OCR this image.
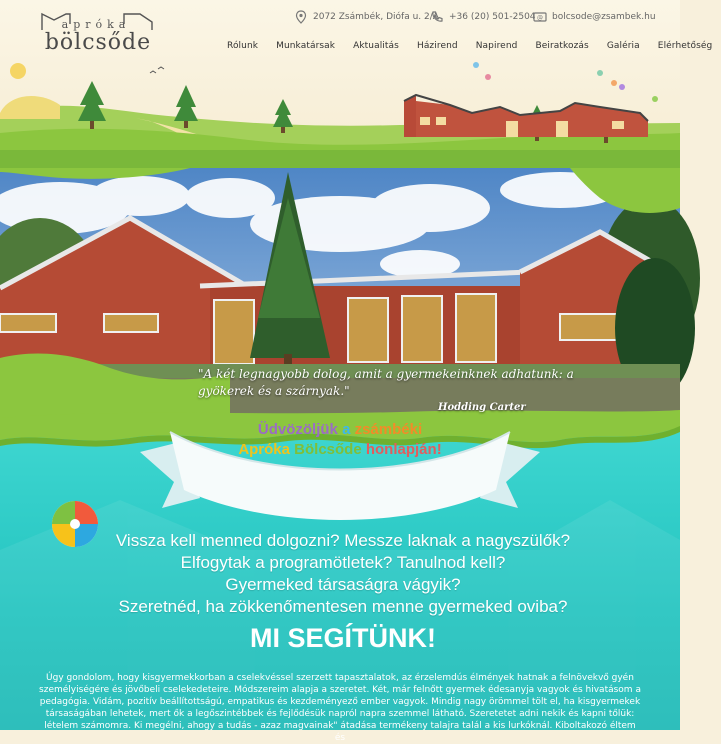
apróka
bölcsőde
2072 Zsámbék, Diófa u. 2/A +36 (20) 501-2504 @ bolcsode@zsambek.hu
Rólunk	Munkatársak	Aktualitás	Házirend	Napirend	Beiratkozás	Galéria	Elérhetőség
"A két legnagyobb dolog, amit a gyermekeinknek adhatunk: a gyökerek és a szárnyak."
Hodding Carter
Üdvözöljük a zsámbéki
Apróka Bölcsőde honlapján!
Vissza kell menned dolgozni? Messze laknak a nagyszülők?
Elfogytak a programötletek? Tanulnod kell?
Gyermeked társaságra vágyik?
Szeretnéd, ha zökkenőmentesen menne gyermeked oviba?
MI SEGÍTÜNK!
Úgy gondolom, hogy kisgyermekkorban a cselekvéssel szerzett tapasztalatok, az érzelemdús élmények hatnak a felnövekvő gyén személyiségére és jövőbeli cselekedeteire. Módszereim alapja a szeretet. Két, már felnőtt gyermek édesanyja vagyok és hivatásom a pedagógia. Vidám, pozitív beállítottságú, empatikus és kezdeményező ember vagyok. Mindig nagy örömmel tölt el, ha kisgyermekek társaságában lehetek, mert ők a legőszintébbek és fejlődésük napról napra szemmel látható. Szeretetet adni nekik és kapni tőlük: lételem számomra. Ki megélni, ahogy a tudás - azaz magvainak" átadása termékeny talajra talál a kis lurkóknál. Kiboltakozó éltem és
